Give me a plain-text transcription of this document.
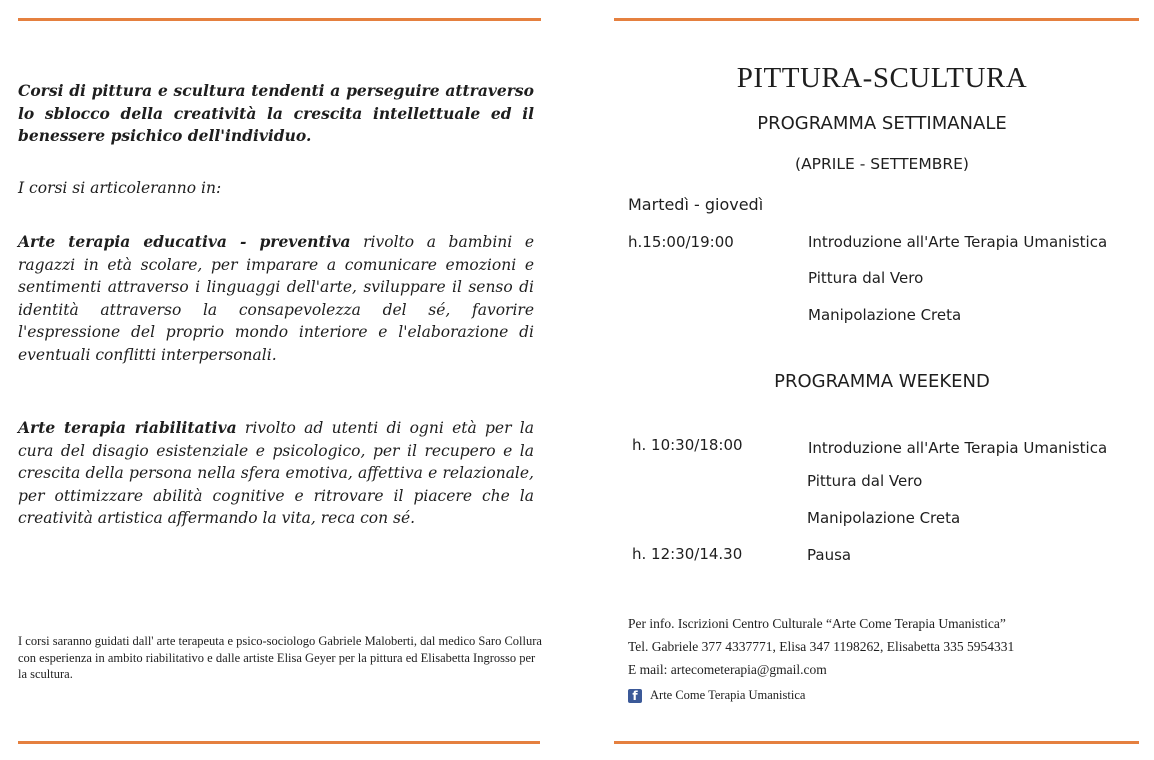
Corsi di pittura e scultura tendenti a perseguire attraverso lo sblocco della creatività la crescita intellettuale ed il benessere psichico dell'individuo.

I corsi si articoleranno in:

Arte terapia educativa - preventiva rivolto a bambini e ragazzi in età scolare, per imparare a comunicare emozioni e sentimenti attraverso i linguaggi dell'arte, sviluppare il senso di identità attraverso la consapevolezza del sé, favorire l'espressione del proprio mondo interiore e l'elaborazione di eventuali conflitti interpersonali.

Arte terapia riabilitativa rivolto ad utenti di ogni età per la cura del disagio esistenziale e psicologico, per il recupero e la crescita della persona nella sfera emotiva, affettiva e relazionale, per ottimizzare abilità cognitive e ritrovare il piacere che la creatività artistica affermando la vita, reca con sé.

I corsi saranno guidati dall' arte terapeuta e psico-sociologo Gabriele Maloberti, dal medico Saro Collura con esperienza in ambito riabilitativo e dalle artiste Elisa Geyer per la pittura ed Elisabetta Ingrosso per la scultura.

PITTURA-SCULTURA
PROGRAMMA SETTIMANALE
(APRILE - SETTEMBRE)
Martedì - giovedì
h.15:00/19:00	Introduzione all'Arte Terapia Umanistica
Pittura dal Vero
Manipolazione Creta
PROGRAMMA WEEKEND
h. 10:30/18:00	Introduzione all'Arte Terapia Umanistica
Pittura dal Vero
Manipolazione Creta
h. 12:30/14.30	Pausa
Per info. Iscrizioni Centro Culturale “Arte Come Terapia Umanistica”
Tel. Gabriele 377 4337771, Elisa 347 1198262, Elisabetta 335 5954331
E mail: artecometerapia@gmail.com
f Arte Come Terapia Umanistica
